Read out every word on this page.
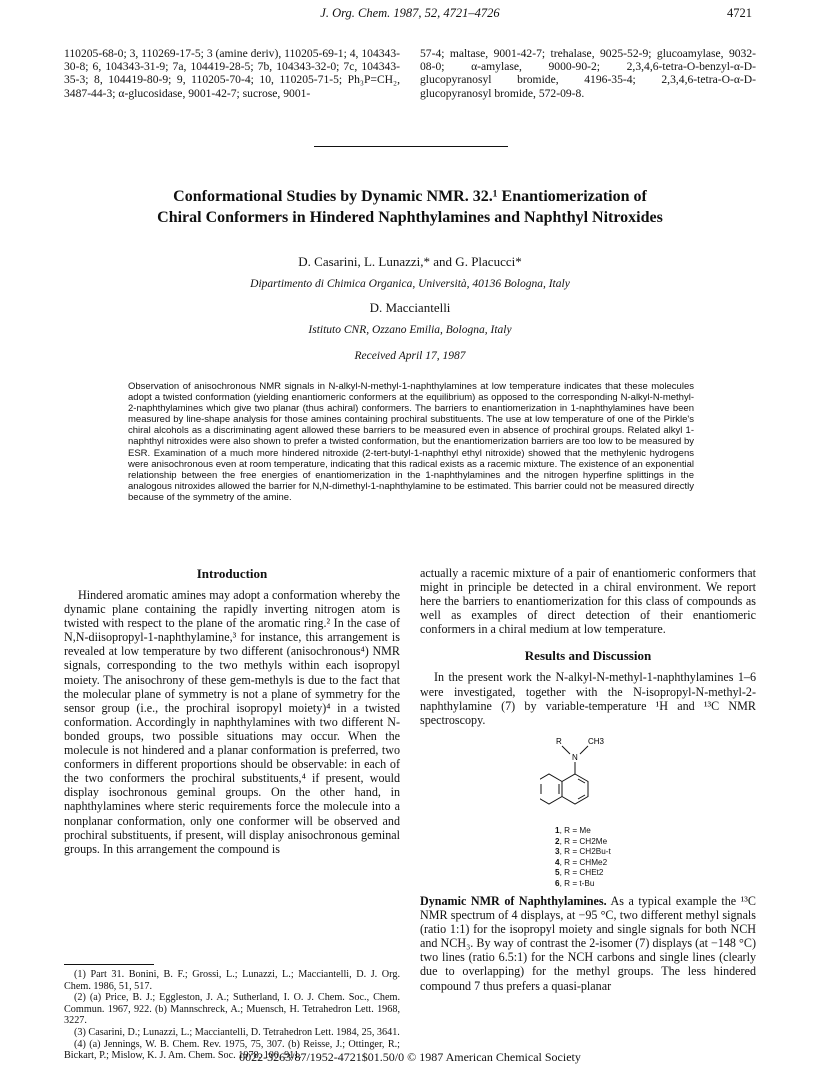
J. Org. Chem. 1987, 52, 4721–4726	4721
110205-68-0; 3, 110269-17-5; 3 (amine deriv), 110205-69-1; 4, 104343-30-8; 6, 104343-31-9; 7a, 104419-28-5; 7b, 104343-32-0; 7c, 104343-35-3; 8, 104419-80-9; 9, 110205-70-4; 10, 110205-71-5; Ph₃P=CH₂, 3487-44-3; α-glucosidase, 9001-42-7; sucrose, 9001-
57-4; maltase, 9001-42-7; trehalase, 9025-52-9; glucoamylase, 9032-08-0; α-amylase, 9000-90-2; 2,3,4,6-tetra-O-benzyl-α-D-glucopyranosyl bromide, 4196-35-4; 2,3,4,6-tetra-O-α-D-glucopyranosyl bromide, 572-09-8.
Conformational Studies by Dynamic NMR. 32.¹ Enantiomerization of
Chiral Conformers in Hindered Naphthylamines and Naphthyl Nitroxides
D. Casarini, L. Lunazzi,* and G. Placucci*
Dipartimento di Chimica Organica, Università, 40136 Bologna, Italy
D. Macciantelli
Istituto CNR, Ozzano Emilia, Bologna, Italy
Received April 17, 1987
Observation of anisochronous NMR signals in N-alkyl-N-methyl-1-naphthylamines at low temperature indicates that these molecules adopt a twisted conformation (yielding enantiomeric conformers at the equilibrium) as opposed to the corresponding N-alkyl-N-methyl-2-naphthylamines which give two planar (thus achiral) conformers. The barriers to enantiomerization in 1-naphthylamines have been measured by line-shape analysis for those amines containing prochiral substituents. The use at low temperature of one of the Pirkle's chiral alcohols as a discriminating agent allowed these barriers to be measured even in absence of prochiral groups. Related alkyl 1-naphthyl nitroxides were also shown to prefer a twisted conformation, but the enantiomerization barriers are too low to be measured by ESR. Examination of a much more hindered nitroxide (2-tert-butyl-1-naphthyl ethyl nitroxide) showed that the methylenic hydrogens were anisochronous even at room temperature, indicating that this radical exists as a racemic mixture. The existence of an exponential relationship between the free energies of enantiomerization in the 1-naphthylamines and the nitrogen hyperfine splittings in the analogous nitroxides allowed the barrier for N,N-dimethyl-1-naphthylamine to be estimated. This barrier could not be measured directly because of the symmetry of the amine.
Introduction
Hindered aromatic amines may adopt a conformation whereby the dynamic plane containing the rapidly inverting nitrogen atom is twisted with respect to the plane of the aromatic ring.² In the case of N,N-diisopropyl-1-naphthylamine,³ for instance, this arrangement is revealed at low temperature by two different (anisochronous⁴) NMR signals, corresponding to the two methyls within each isopropyl moiety. The anisochrony of these gem-methyls is due to the fact that the molecular plane of symmetry is not a plane of symmetry for the sensor group (i.e., the prochiral isopropyl moiety)⁴ in a twisted conformation. Accordingly in naphthylamines with two different N-bonded groups, two possible situations may occur. When the molecule is not hindered and a planar conformation is preferred, two conformers in different proportions should be observable: in each of the two conformers the prochiral substituents,⁴ if present, would display isochronous geminal groups. On the other hand, in naphthylamines where steric requirements force the molecule into a nonplanar conformation, only one conformer will be observed and prochiral substituents, if present, will display anisochronous geminal groups. In this arrangement the compound is
(1) Part 31. Bonini, B. F.; Grossi, L.; Lunazzi, L.; Macciantelli, D. J. Org. Chem. 1986, 51, 517.
(2) (a) Price, B. J.; Eggleston, J. A.; Sutherland, I. O. J. Chem. Soc., Chem. Commun. 1967, 922. (b) Mannschreck, A.; Muensch, H. Tetrahedron Lett. 1968, 3227.
(3) Casarini, D.; Lunazzi, L.; Macciantelli, D. Tetrahedron Lett. 1984, 25, 3641.
(4) (a) Jennings, W. B. Chem. Rev. 1975, 75, 307. (b) Reisse, J.; Ottinger, R.; Bickart, P.; Mislow, K. J. Am. Chem. Soc. 1978, 100, 911.
actually a racemic mixture of a pair of enantiomeric conformers that might in principle be detected in a chiral environment. We report here the barriers to enantiomerization for this class of compounds as well as examples of direct detection of their enantiomeric conformers in a chiral medium at low temperature.
Results and Discussion
In the present work the N-alkyl-N-methyl-1-naphthylamines 1–6 were investigated, together with the N-isopropyl-N-methyl-2-naphthylamine (7) by variable-temperature ¹H and ¹³C NMR spectroscopy.
R
N
CH3
1, R = Me
2, R = CH2Me
3, R = CH2Bu-t
4, R = CHMe2
5, R = CHEt2
6, R = t-Bu
Dynamic NMR of Naphthylamines. As a typical example the ¹³C NMR spectrum of 4 displays, at −95 °C, two different methyl signals (ratio 1:1) for the isopropyl moiety and single signals for both NCH and NCH₃. By way of contrast the 2-isomer (7) displays (at −148 °C) two lines (ratio 6.5:1) for the NCH carbons and single lines (clearly due to overlapping) for the methyl groups. The less hindered compound 7 thus prefers a quasi-planar
0022-3263/87/1952-4721$01.50/0 © 1987 American Chemical Society
